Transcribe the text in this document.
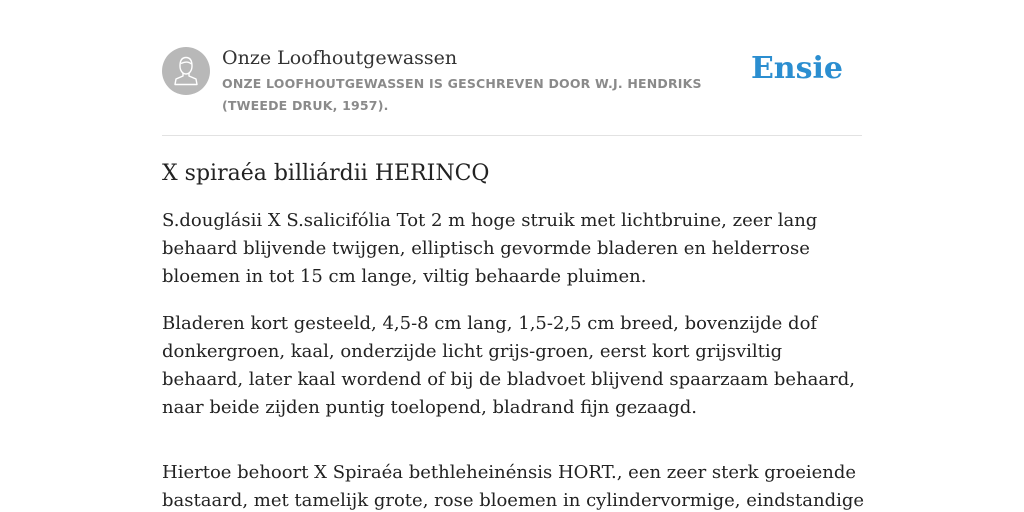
Onze Loofhoutgewassen
ONZE LOOFHOUTGEWASSEN IS GESCHREVEN DOOR W.J. HENDRIKS (TWEEDE DRUK, 1957).
Ensie
X spiraéa billiárdii HERINCQ

S.douglásii X S.salicifólia Tot 2 m hoge struik met lichtbruine, zeer lang behaard blijvende twijgen, elliptisch gevormde bladeren en helderrose bloemen in tot 15 cm lange, viltig behaarde pluimen.

Bladeren kort gesteeld, 4,5-8 cm lang, 1,5-2,5 cm breed, bovenzijde dof donkergroen, kaal, onderzijde licht grijs-groen, eerst kort grijsviltig behaard, later kaal wordend of bij de bladvoet blijvend spaarzaam behaard, naar beide zijden puntig toelopend, bladrand fijn gezaagd.

Hiertoe behoort X Spiraéa bethleheinénsis HORT., een zeer sterk groeiende bastaard, met tamelijk grote, rose bloemen in cylindervormige, eindstandige
